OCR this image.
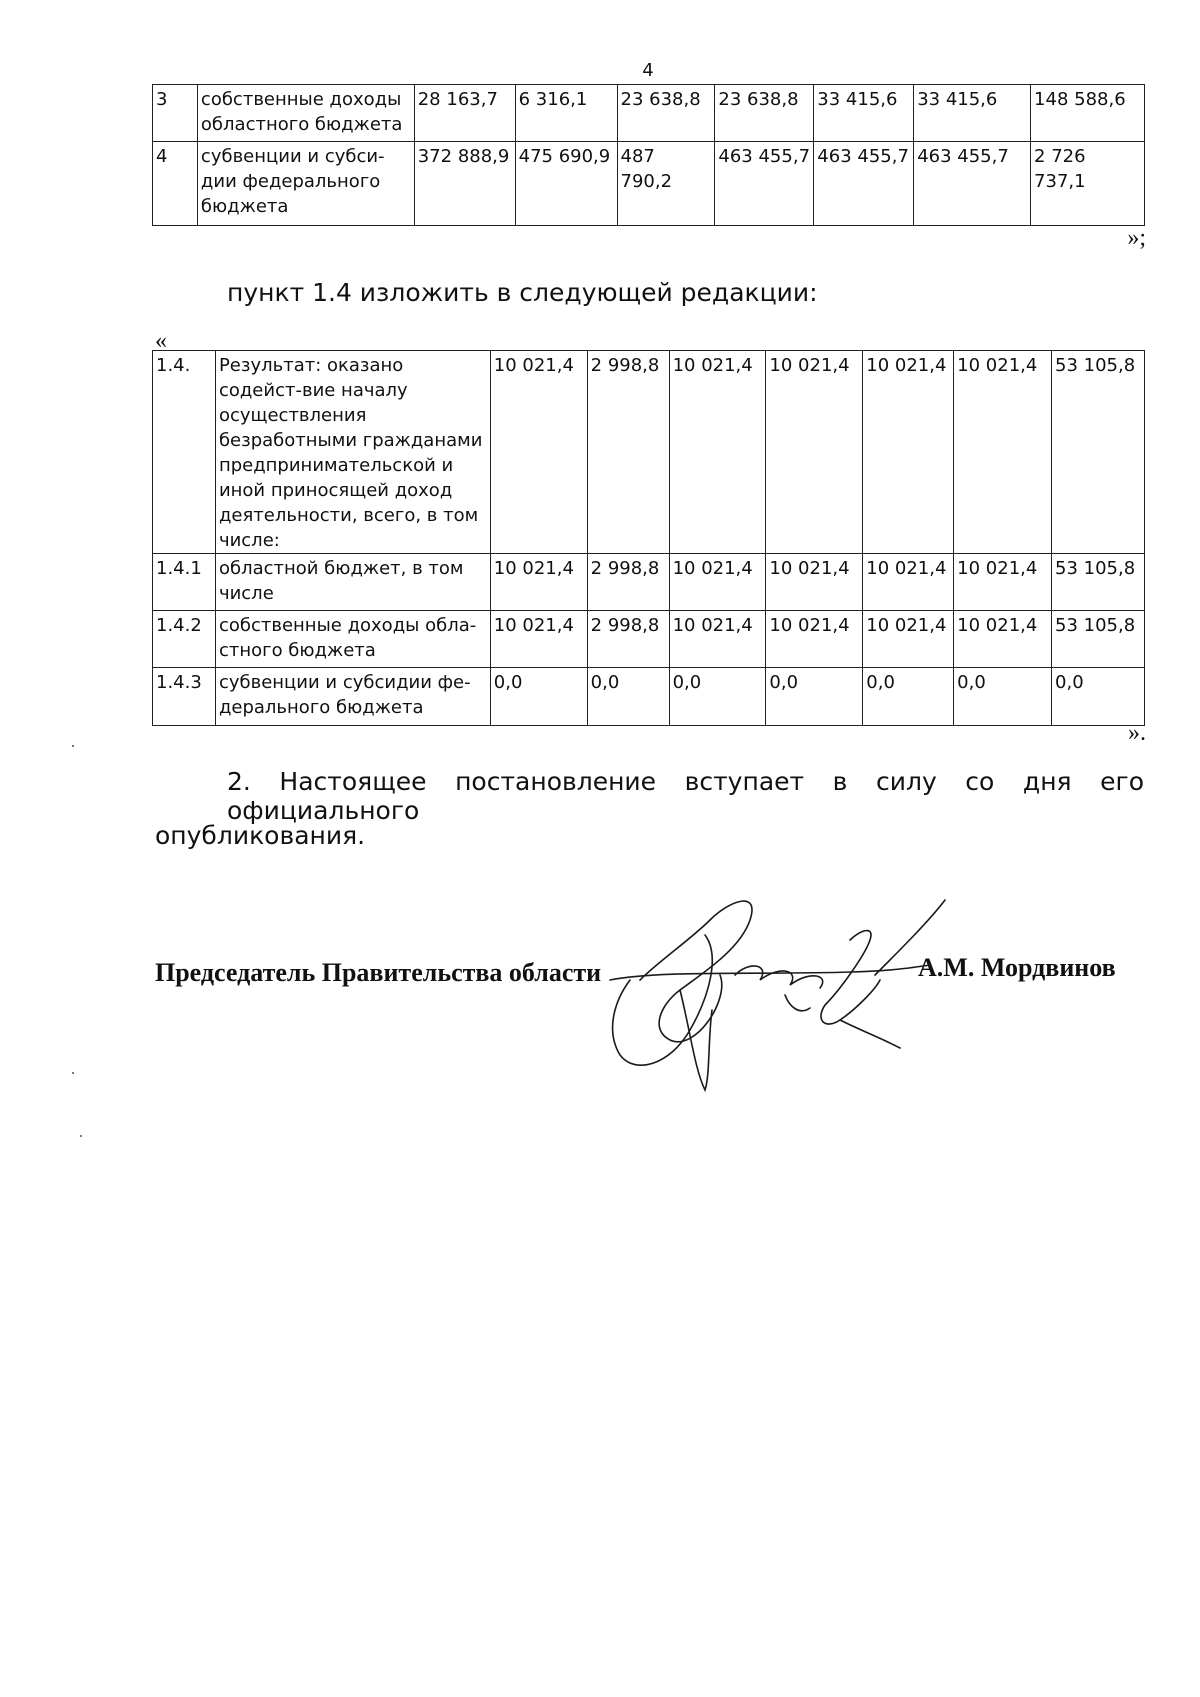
4
3	собственные доходы областного бюджета	28 163,7	6 316,1	23 638,8	23 638,8	33 415,6	33 415,6	148 588,6
4	субвенции и субси-дии федерального бюджета	372 888,9	475 690,9	487 790,2	463 455,7	463 455,7	463 455,7	2 726 737,1
»;
пункт 1.4 изложить в следующей редакции:
«
1.4.	Результат: оказано содейст-вие началу осуществления безработными гражданами предпринимательской и иной приносящей доход деятельности, всего, в том числе:	10 021,4	2 998,8	10 021,4	10 021,4	10 021,4	10 021,4	53 105,8
1.4.1	областной бюджет, в том числе	10 021,4	2 998,8	10 021,4	10 021,4	10 021,4	10 021,4	53 105,8
1.4.2	собственные доходы обла-стного бюджета	10 021,4	2 998,8	10 021,4	10 021,4	10 021,4	10 021,4	53 105,8
1.4.3	субвенции и субсидии фе-дерального бюджета	0,0	0,0	0,0	0,0	0,0	0,0	0,0
».
2. Настоящее постановление вступает в силу со дня его официального
опубликования.
Председатель Правительства области	А.М. Мордвинов
